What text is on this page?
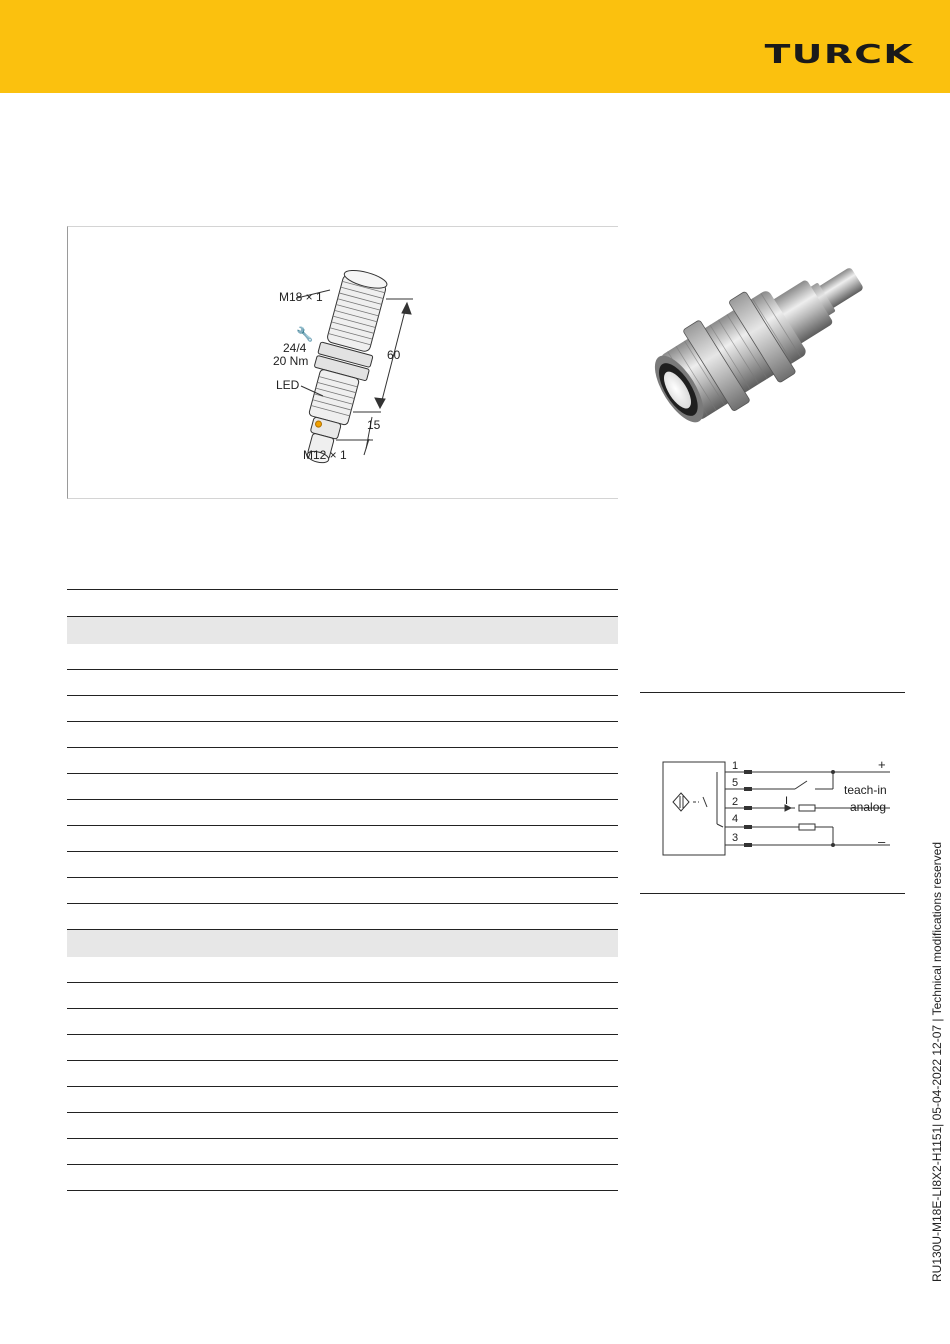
TURCK
M18 × 1
🔧
24/4
20 Nm
LED
60
15
M12 × 1
1
5
2
4
3
+
teach-in
I	analog
–
RU130U-M18E-LI8X2-H1151| 05-04-2022 12-07 | Technical modifications reserved
